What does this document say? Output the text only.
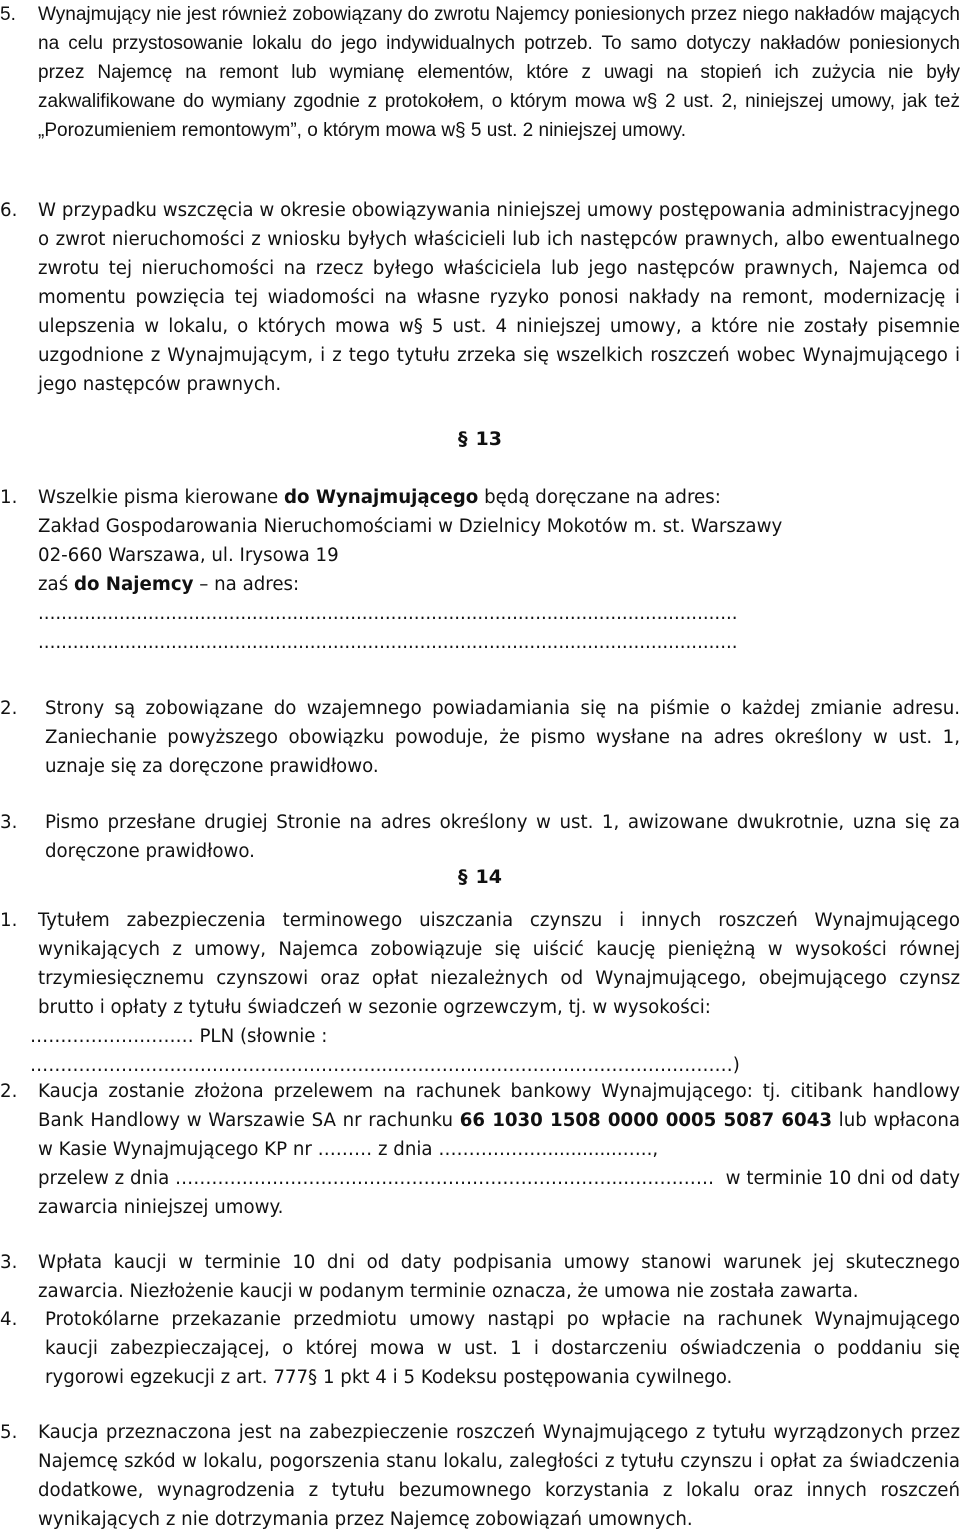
5. Wynajmujący nie jest również zobowiązany do zwrotu Najemcy poniesionych przez niego nakładów mających na celu przystosowanie lokalu do jego indywidualnych potrzeb. To samo dotyczy nakładów poniesionych przez Najemcę na remont lub wymianę elementów, które z uwagi na stopień ich zużycia nie były zakwalifikowane do wymiany zgodnie z protokołem, o którym mowa w§ 2 ust. 2, niniejszej umowy, jak też „Porozumieniem remontowym”, o którym mowa w§ 5 ust. 2 niniejszej umowy.
6. W przypadku wszczęcia w okresie obowiązywania niniejszej umowy postępowania administracyjnego o zwrot nieruchomości z wniosku byłych właścicieli lub ich następców prawnych, albo ewentualnego zwrotu tej nieruchomości na rzecz byłego właściciela lub jego następców prawnych, Najemca od momentu powzięcia tej wiadomości na własne ryzyko ponosi nakłady na remont, modernizację i ulepszenia w lokalu, o których mowa w§ 5 ust. 4 niniejszej umowy, a które nie zostały pisemnie uzgodnione z Wynajmującym, i z tego tytułu zrzeka się wszelkich roszczeń wobec Wynajmującego i jego następców prawnych.
§ 13
1. Wszelkie pisma kierowane do Wynajmującego będą doręczane na adres:
Zakład Gospodarowania Nieruchomościami w Dzielnicy Mokotów m. st. Warszawy
02-660 Warszawa, ul. Irysowa 19
zaś do Najemcy – na adres:
.........................................................................................................................
.........................................................................................................................
2. Strony są zobowiązane do wzajemnego powiadamiania się na piśmie o każdej zmianie adresu. Zaniechanie powyższego obowiązku powoduje, że pismo wysłane na adres określony w ust. 1, uznaje się za doręczone prawidłowo.
3. Pismo przesłane drugiej Stronie na adres określony w ust. 1, awizowane dwukrotnie, uzna się za doręczone prawidłowo.
§ 14
1. Tytułem zabezpieczenia terminowego uiszczania czynszu i innych roszczeń Wynajmującego wynikających z umowy, Najemca zobowiązuje się uiścić kaucję pieniężną w wysokości równej trzymiesięcznemu czynszowi oraz opłat niezależnych od Wynajmującego, obejmującego czynsz brutto i opłaty z tytułu świadczeń w sezonie ogrzewczym, tj. w wysokości:
……………………… PLN (słownie : …………………………………………………..…………………………………………………)
2. Kaucja zostanie złożona przelewem na rachunek bankowy Wynajmującego: tj. citibank handlowy
Bank Handlowy w Warszawie SA nr rachunku 66 1030 1508 0000 0005 5087 6043 lub wpłacona
w Kasie Wynajmującego KP nr ……… z dnia ……………….............…..,
przelew z dnia ………………………………………………………………..…………… w terminie 10 dni od daty
zawarcia niniejszej umowy.
3. Wpłata kaucji w terminie 10 dni od daty podpisania umowy stanowi warunek jej skutecznego zawarcia. Niezłożenie kaucji w podanym terminie oznacza, że umowa nie została zawarta.
4. Protokólarne przekazanie przedmiotu umowy nastąpi po wpłacie na rachunek Wynajmującego kaucji zabezpieczającej, o której mowa w ust. 1 i dostarczeniu oświadczenia o poddaniu się rygorowi egzekucji z art. 777§ 1 pkt 4 i 5 Kodeksu postępowania cywilnego.
5. Kaucja przeznaczona jest na zabezpieczenie roszczeń Wynajmującego z tytułu wyrządzonych przez Najemcę szkód w lokalu, pogorszenia stanu lokalu, zaległości z tytułu czynszu i opłat za świadczenia dodatkowe, wynagrodzenia z tytułu bezumownego korzystania z lokalu oraz innych roszczeń wynikających z nie dotrzymania przez Najemcę zobowiązań umownych.
